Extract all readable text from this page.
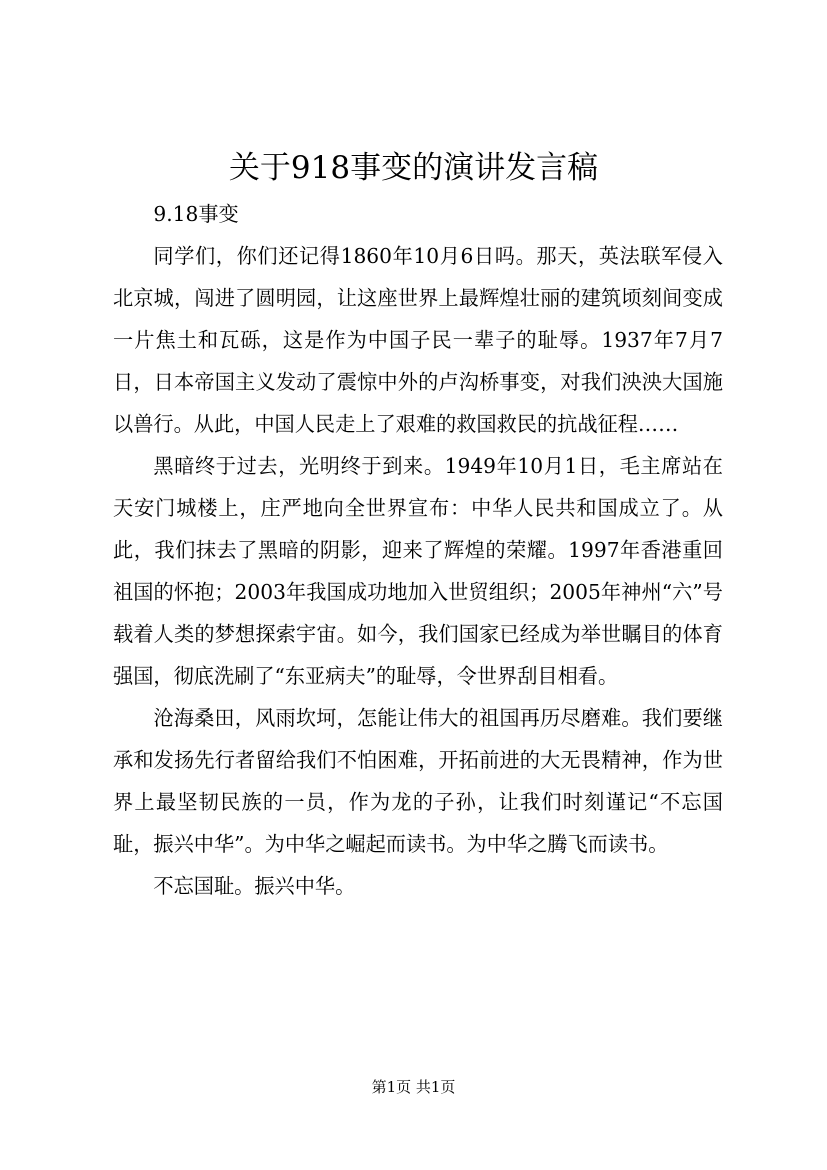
关于918事变的演讲发言稿

9.18事变

同学们，你们还记得1860年10月6日吗。那天，英法联军侵入北京城，闯进了圆明园，让这座世界上最辉煌壮丽的建筑顷刻间变成一片焦土和瓦砾，这是作为中国子民一辈子的耻辱。1937年7月7日，日本帝国主义发动了震惊中外的卢沟桥事变，对我们泱泱大国施以兽行。从此，中国人民走上了艰难的救国救民的抗战征程……

黑暗终于过去，光明终于到来。1949年10月1日，毛主席站在天安门城楼上，庄严地向全世界宣布：中华人民共和国成立了。从此，我们抹去了黑暗的阴影，迎来了辉煌的荣耀。1997年香港重回祖国的怀抱；2003年我国成功地加入世贸组织；2005年神州“六”号载着人类的梦想探索宇宙。如今，我们国家已经成为举世瞩目的体育强国，彻底洗刷了“东亚病夫”的耻辱，令世界刮目相看。

沧海桑田，风雨坎坷，怎能让伟大的祖国再历尽磨难。我们要继承和发扬先行者留给我们不怕困难，开拓前进的大无畏精神，作为世界上最坚韧民族的一员，作为龙的子孙，让我们时刻谨记“不忘国耻，振兴中华”。为中华之崛起而读书。为中华之腾飞而读书。

不忘国耻。振兴中华。

第1页 共1页
